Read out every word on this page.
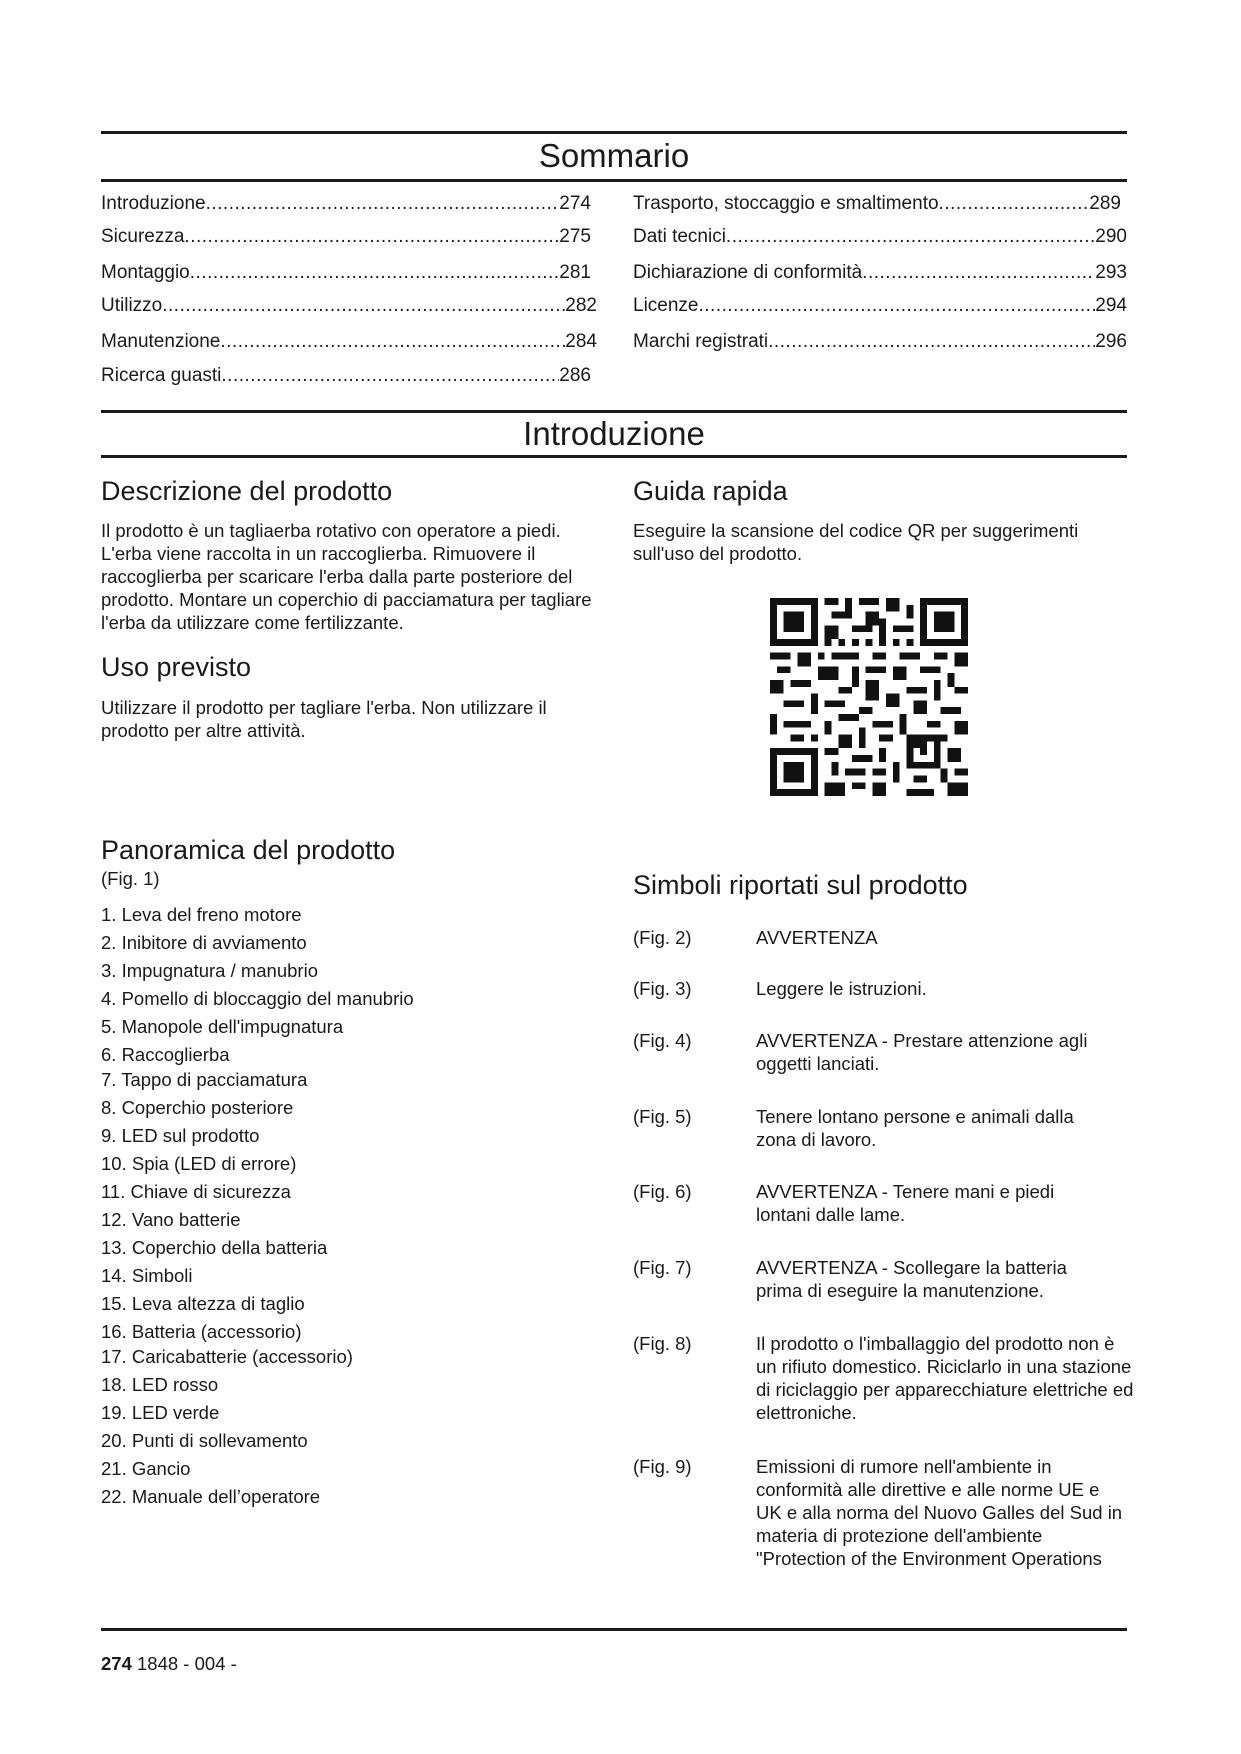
Sommario
Introduzione .....	274
Sicurezza .....	275
Montaggio .....	281
Utilizzo .....	282
Manutenzione .....	284
Ricerca guasti .....	286
Trasporto, stoccaggio e smaltimento .....	289
Dati tecnici .....	290
Dichiarazione di conformità .....	293
Licenze .....	294
Marchi registrati .....	296
Introduzione
Descrizione del prodotto
Il prodotto è un tagliaerba rotativo con operatore a piedi. L'erba viene raccolta in un raccoglierba. Rimuovere il raccoglierba per scaricare l'erba dalla parte posteriore del prodotto. Montare un coperchio di pacciamatura per tagliare l'erba da utilizzare come fertilizzante.
Uso previsto
Utilizzare il prodotto per tagliare l'erba. Non utilizzare il prodotto per altre attività.
Guida rapida
Eseguire la scansione del codice QR per suggerimenti sull'uso del prodotto.
Panoramica del prodotto
(Fig. 1)
1. Leva del freno motore
2. Inibitore di avviamento
3. Impugnatura / manubrio
4. Pomello di bloccaggio del manubrio
5. Manopole dell'impugnatura
6. Raccoglierba
7. Tappo di pacciamatura
8. Coperchio posteriore
9. LED sul prodotto
10. Spia (LED di errore)
11. Chiave di sicurezza
12. Vano batterie
13. Coperchio della batteria
14. Simboli
15. Leva altezza di taglio
16. Batteria (accessorio)
17. Caricabatterie (accessorio)
18. LED rosso
19. LED verde
20. Punti di sollevamento
21. Gancio
22. Manuale dell’operatore
Simboli riportati sul prodotto
(Fig. 2)	AVVERTENZA
(Fig. 3)	Leggere le istruzioni.
(Fig. 4)	AVVERTENZA - Prestare attenzione agli oggetti lanciati.
(Fig. 5)	Tenere lontano persone e animali dalla zona di lavoro.
(Fig. 6)	AVVERTENZA - Tenere mani e piedi lontani dalle lame.
(Fig. 7)	AVVERTENZA - Scollegare la batteria prima di eseguire la manutenzione.
(Fig. 8)	Il prodotto o l'imballaggio del prodotto non è un rifiuto domestico. Riciclarlo in una stazione di riciclaggio per apparecchiature elettriche ed elettroniche.
(Fig. 9)	Emissioni di rumore nell'ambiente in conformità alle direttive e alle norme UE e UK e alla norma del Nuovo Galles del Sud in materia di protezione dell'ambiente "Protection of the Environment Operations
274 1848 - 004 -
